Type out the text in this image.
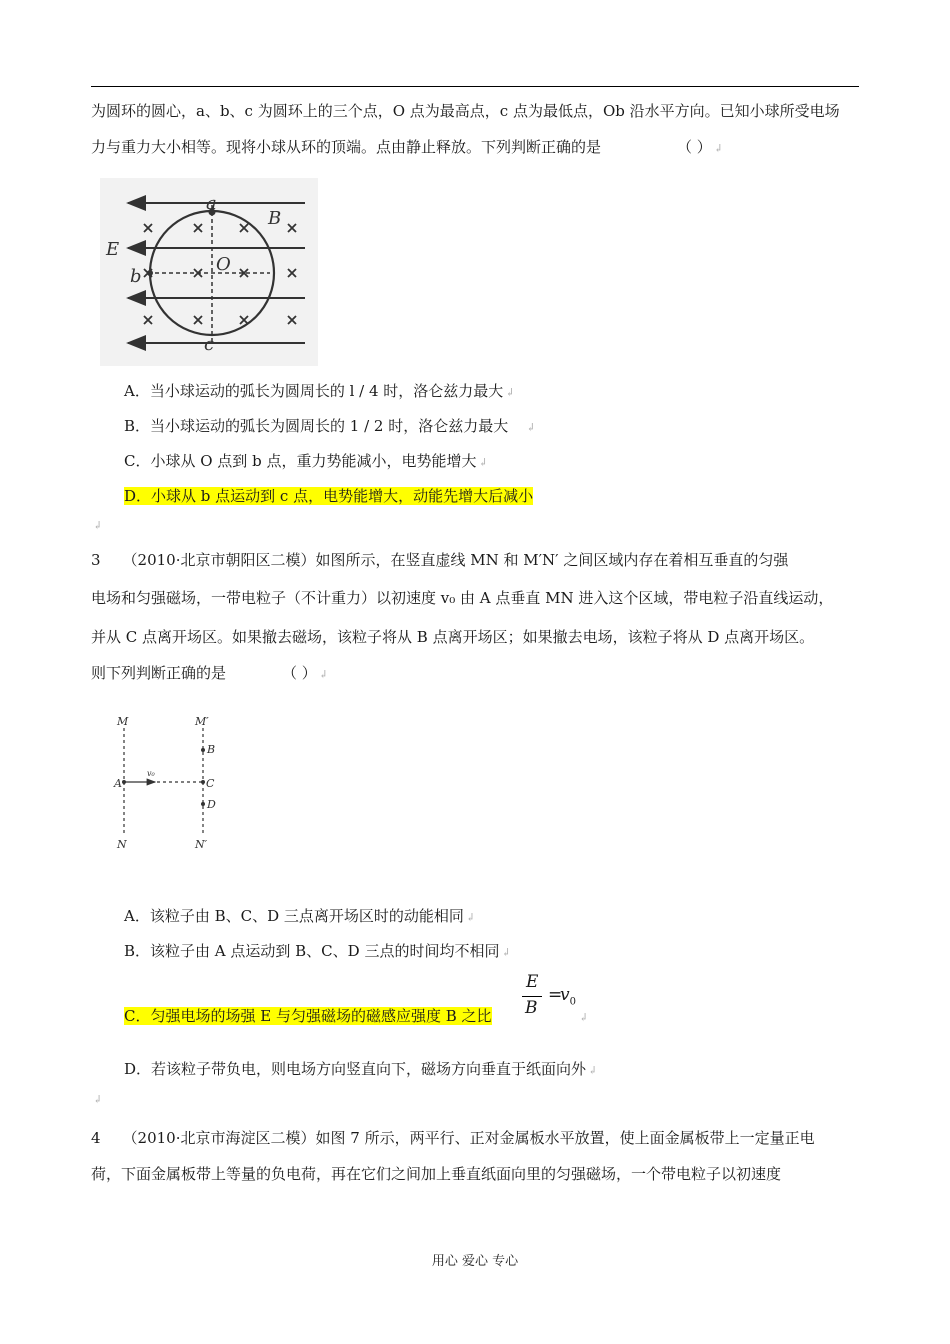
为圆环的圆心，a、b、c 为圆环上的三个点，O 点为最高点，c 点为最低点，Ob 沿水平方向。已知小球所受电场
力与重力大小相等。现将小球从环的顶端。点由静止释放。下列判断正确的是	（ ） ↲
a
B
E
O
b
c
A．当小球运动的弧长为圆周长的 l / 4 时，洛仑兹力最大 ↲
B．当小球运动的弧长为圆周长的 1 / 2 时，洛仑兹力最大 ↲
C．小球从 O 点到 b 点，重力势能减小，电势能增大 ↲
D．小球从 b 点运动到 c 点，电势能增大，动能先增大后减小
↲
3 （2010·北京市朝阳区二模）如图所示，在竖直虚线 MN 和 M′N′ 之间区域内存在着相互垂直的匀强
电场和匀强磁场，一带电粒子（不计重力）以初速度 v₀ 由 A 点垂直 MN 进入这个区域，带电粒子沿直线运动，
并从 C 点离开场区。如果撤去磁场，该粒子将从 B 点离开场区；如果撤去电场，该粒子将从 D 点离开场区。
则下列判断正确的是	（ ） ↲
M	M′
B
A
v₀
C
D
N	N′
A．该粒子由 B、C、D 三点离开场区时的动能相同 ↲
B．该粒子由 A 点运动到 B、C、D 三点的时间均不相同 ↲
C．匀强电场的场强 E 与匀强磁场的磁感应强度 B 之比
E
B
=
$v_0$
↲
D．若该粒子带负电，则电场方向竖直向下，磁场方向垂直于纸面向外 ↲
↲
4 （2010·北京市海淀区二模）如图 7 所示，两平行、正对金属板水平放置，使上面金属板带上一定量正电
荷，下面金属板带上等量的负电荷，再在它们之间加上垂直纸面向里的匀强磁场，一个带电粒子以初速度
用心 爱心 专心
